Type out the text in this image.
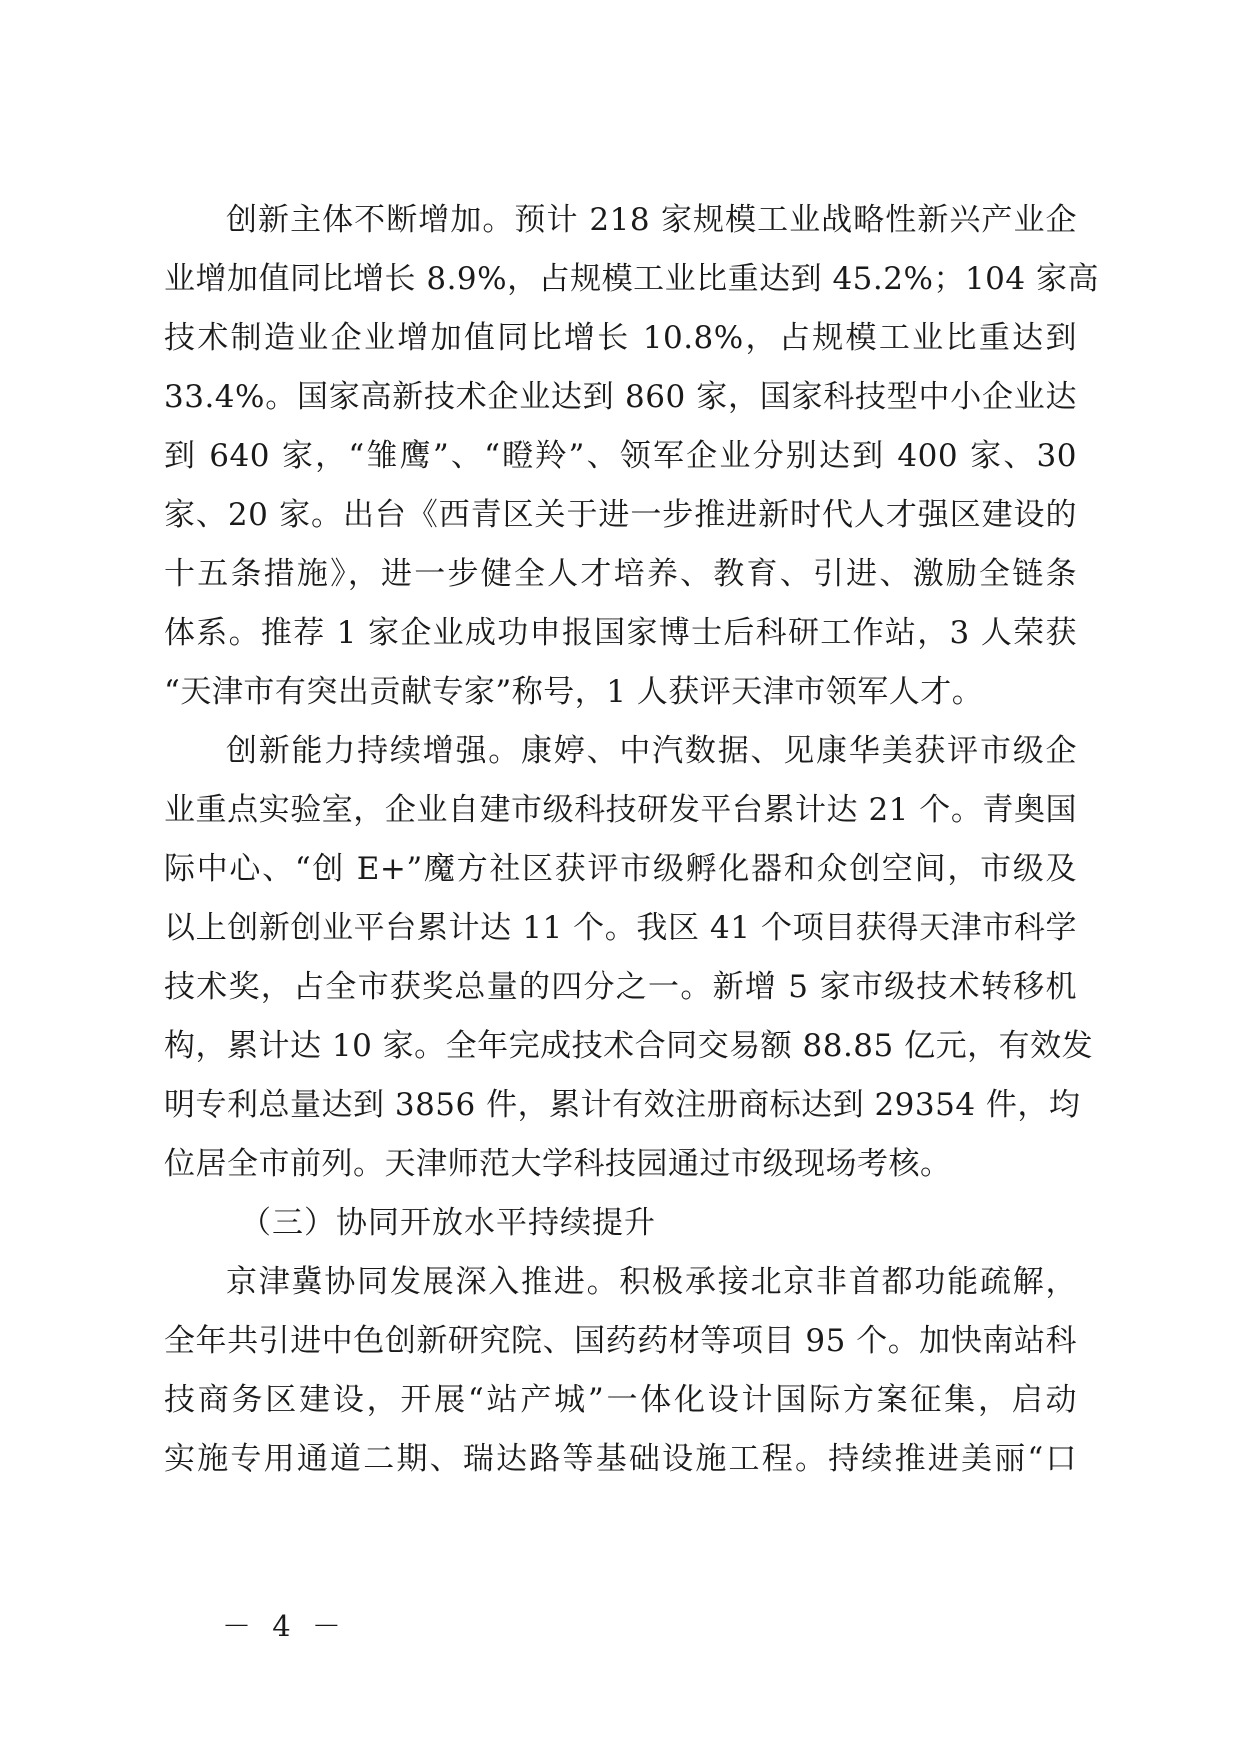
创新主体不断增加。预计 218 家规模工业战略性新兴产业企
业增加值同比增长 8.9%，占规模工业比重达到 45.2%；104 家高
技术制造业企业增加值同比增长 10.8%，占规模工业比重达到
33.4%。国家高新技术企业达到 860 家，国家科技型中小企业达
到 640 家，“雏鹰”、“瞪羚”、领军企业分别达到 400 家、30
家、20 家。出台《西青区关于进一步推进新时代人才强区建设的
十五条措施》，进一步健全人才培养、教育、引进、激励全链条
体系。推荐 1 家企业成功申报国家博士后科研工作站，3 人荣获
“天津市有突出贡献专家”称号，1 人获评天津市领军人才。
创新能力持续增强。康婷、中汽数据、见康华美获评市级企
业重点实验室，企业自建市级科技研发平台累计达 21 个。青奥国
际中心、“创 E+”魔方社区获评市级孵化器和众创空间，市级及
以上创新创业平台累计达 11 个。我区 41 个项目获得天津市科学
技术奖，占全市获奖总量的四分之一。新增 5 家市级技术转移机
构，累计达 10 家。全年完成技术合同交易额 88.85 亿元，有效发
明专利总量达到 3856 件，累计有效注册商标达到 29354 件，均
位居全市前列。天津师范大学科技园通过市级现场考核。
（三）协同开放水平持续提升
京津冀协同发展深入推进。积极承接北京非首都功能疏解，
全年共引进中色创新研究院、国药药材等项目 95 个。加快南站科
技商务区建设，开展“站产城”一体化设计国际方案征集，启动
实施专用通道二期、瑞达路等基础设施工程。持续推进美丽“口
－ 4 －
